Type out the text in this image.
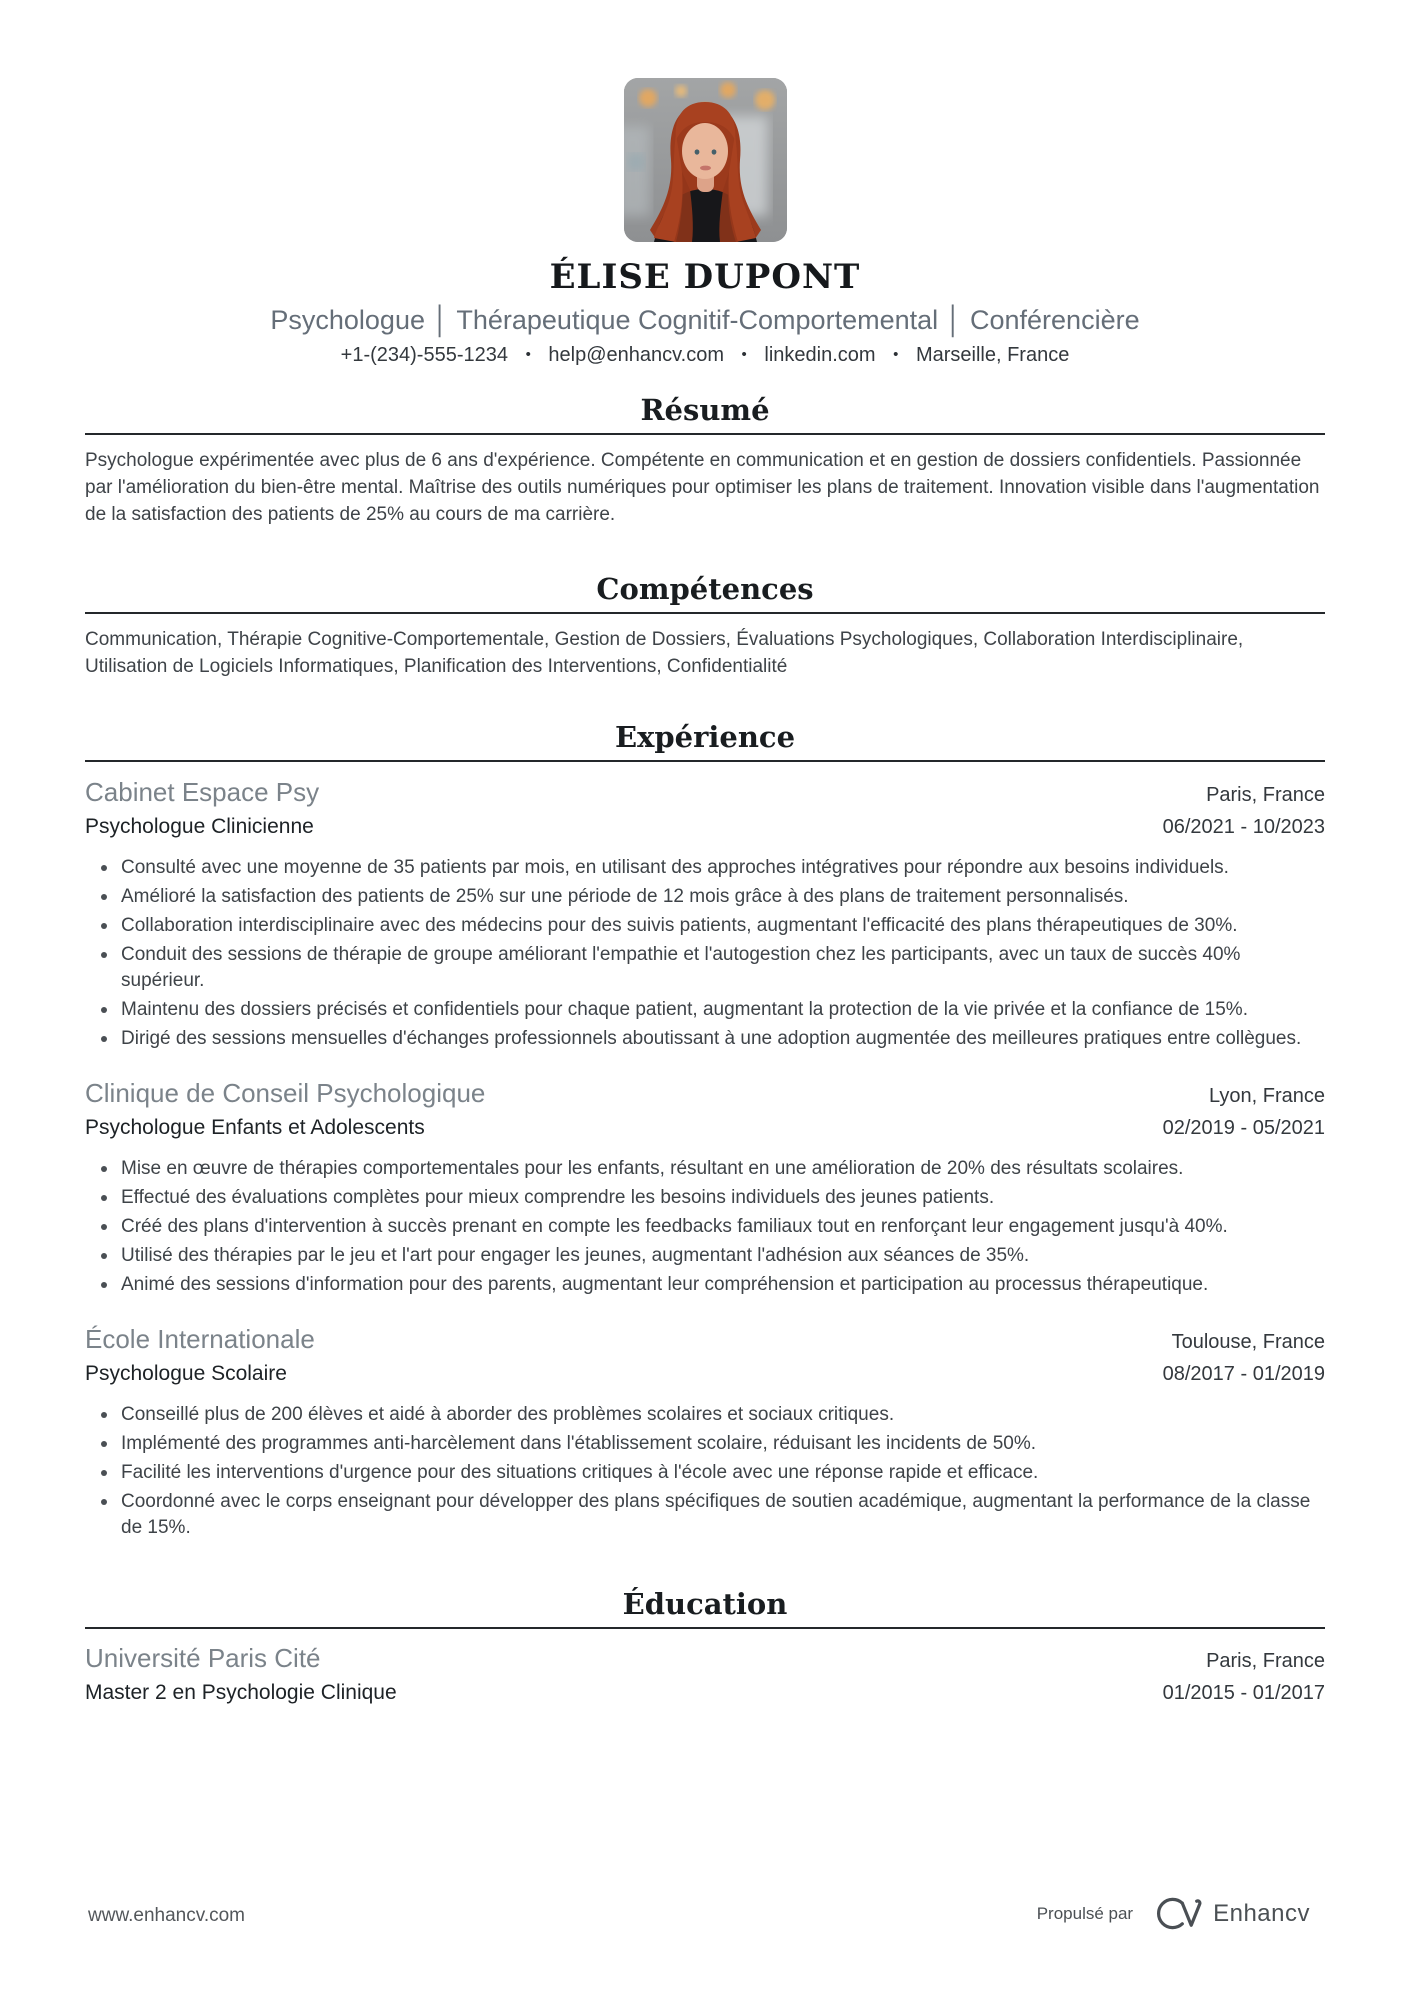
ÉLISE DUPONT
Psychologue │ Thérapeutique Cognitif-Comportemental │ Conférencière
+1-(234)-555-1234 • help@enhancv.com • linkedin.com • Marseille, France
Résumé

Psychologue expérimentée avec plus de 6 ans d'expérience. Compétente en communication et en gestion de dossiers confidentiels. Passionnée par l'amélioration du bien-être mental. Maîtrise des outils numériques pour optimiser les plans de traitement. Innovation visible dans l'augmentation de la satisfaction des patients de 25% au cours de ma carrière.

Compétences

Communication, Thérapie Cognitive-Comportementale, Gestion de Dossiers, Évaluations Psychologiques, Collaboration Interdisciplinaire, Utilisation de Logiciels Informatiques, Planification des Interventions, Confidentialité

Expérience
Cabinet Espace Psy	Paris, France
Psychologue Clinicienne	06/2021 - 10/2023
Consulté avec une moyenne de 35 patients par mois, en utilisant des approches intégratives pour répondre aux besoins individuels.
Amélioré la satisfaction des patients de 25% sur une période de 12 mois grâce à des plans de traitement personnalisés.
Collaboration interdisciplinaire avec des médecins pour des suivis patients, augmentant l'efficacité des plans thérapeutiques de 30%.
Conduit des sessions de thérapie de groupe améliorant l'empathie et l'autogestion chez les participants, avec un taux de succès 40% supérieur.
Maintenu des dossiers précisés et confidentiels pour chaque patient, augmentant la protection de la vie privée et la confiance de 15%.
Dirigé des sessions mensuelles d'échanges professionnels aboutissant à une adoption augmentée des meilleures pratiques entre collègues.
Clinique de Conseil Psychologique	Lyon, France
Psychologue Enfants et Adolescents	02/2019 - 05/2021
Mise en œuvre de thérapies comportementales pour les enfants, résultant en une amélioration de 20% des résultats scolaires.
Effectué des évaluations complètes pour mieux comprendre les besoins individuels des jeunes patients.
Créé des plans d'intervention à succès prenant en compte les feedbacks familiaux tout en renforçant leur engagement jusqu'à 40%.
Utilisé des thérapies par le jeu et l'art pour engager les jeunes, augmentant l'adhésion aux séances de 35%.
Animé des sessions d'information pour des parents, augmentant leur compréhension et participation au processus thérapeutique.
École Internationale	Toulouse, France
Psychologue Scolaire	08/2017 - 01/2019
Conseillé plus de 200 élèves et aidé à aborder des problèmes scolaires et sociaux critiques.
Implémenté des programmes anti-harcèlement dans l'établissement scolaire, réduisant les incidents de 50%.
Facilité les interventions d'urgence pour des situations critiques à l'école avec une réponse rapide et efficace.
Coordonné avec le corps enseignant pour développer des plans spécifiques de soutien académique, augmentant la performance de la classe de 15%.
Éducation
Université Paris Cité	Paris, France
Master 2 en Psychologie Clinique	01/2015 - 01/2017
www.enhancv.com	Propulsé par	Enhancv
